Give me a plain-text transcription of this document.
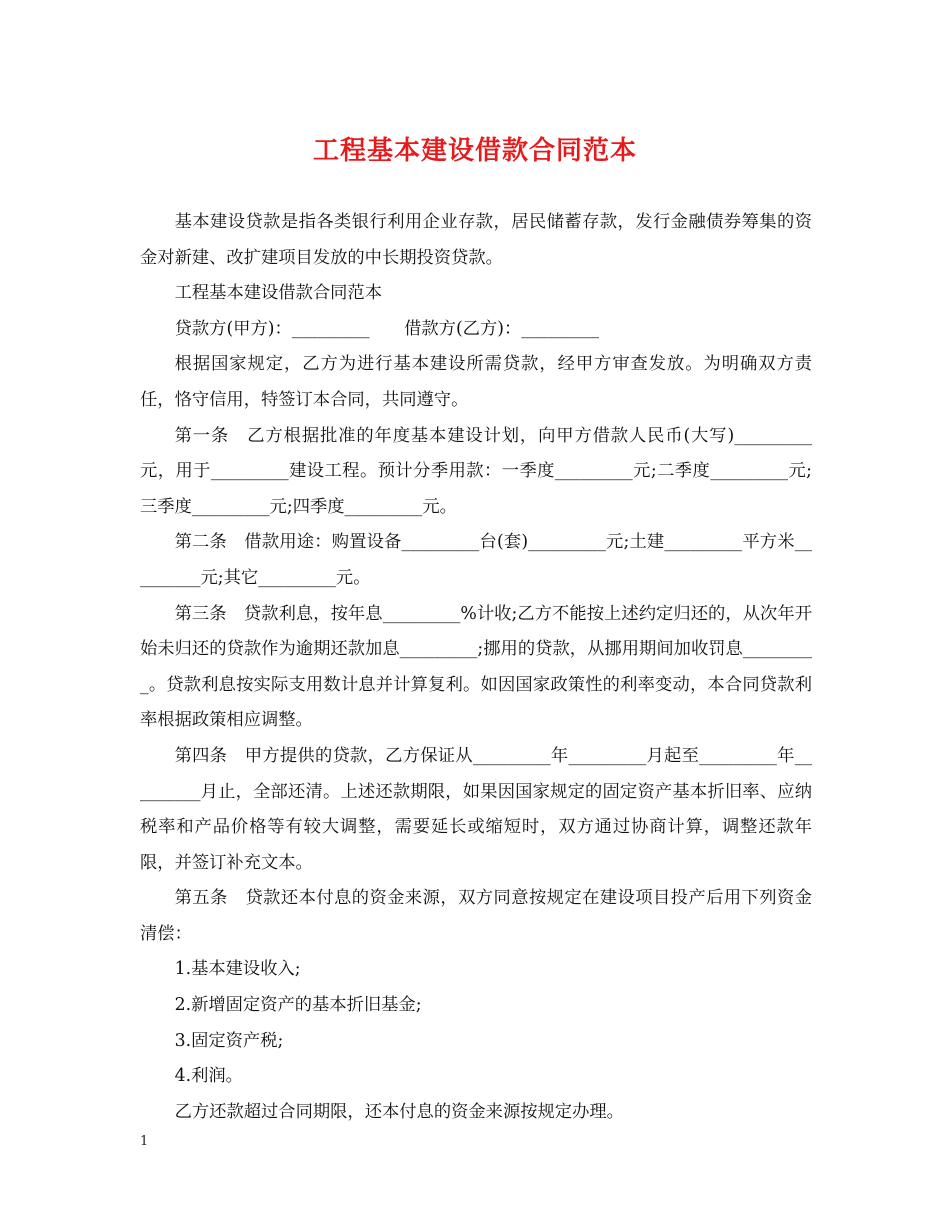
工程基本建设借款合同范本

基本建设贷款是指各类银行利用企业存款，居民储蓄存款，发行金融债券筹集的资金对新建、改扩建项目发放的中长期投资贷款。

工程基本建设借款合同范本

贷款方(甲方)：_________　　借款方(乙方)：_________

根据国家规定，乙方为进行基本建设所需贷款，经甲方审查发放。为明确双方责任，恪守信用，特签订本合同，共同遵守。

第一条　乙方根据批准的年度基本建设计划，向甲方借款人民币(大写)_________元，用于_________建设工程。预计分季用款：一季度_________元;二季度_________元;三季度_________元;四季度_________元。

第二条　借款用途：购置设备_________台(套)_________元;土建_________平方米_________元;其它_________元。

第三条　贷款利息，按年息_________%计收;乙方不能按上述约定归还的，从次年开始未归还的贷款作为逾期还款加息_________;挪用的贷款，从挪用期间加收罚息_________。贷款利息按实际支用数计息并计算复利。如因国家政策性的利率变动，本合同贷款利率根据政策相应调整。

第四条　甲方提供的贷款，乙方保证从_________年_________月起至_________年_________月止，全部还清。上述还款期限，如果因国家规定的固定资产基本折旧率、应纳税率和产品价格等有较大调整，需要延长或缩短时，双方通过协商计算，调整还款年限，并签订补充文本。

第五条　贷款还本付息的资金来源，双方同意按规定在建设项目投产后用下列资金清偿：

1.基本建设收入;

2.新增固定资产的基本折旧基金;

3.固定资产税;

4.利润。

乙方还款超过合同期限，还本付息的资金来源按规定办理。

1
